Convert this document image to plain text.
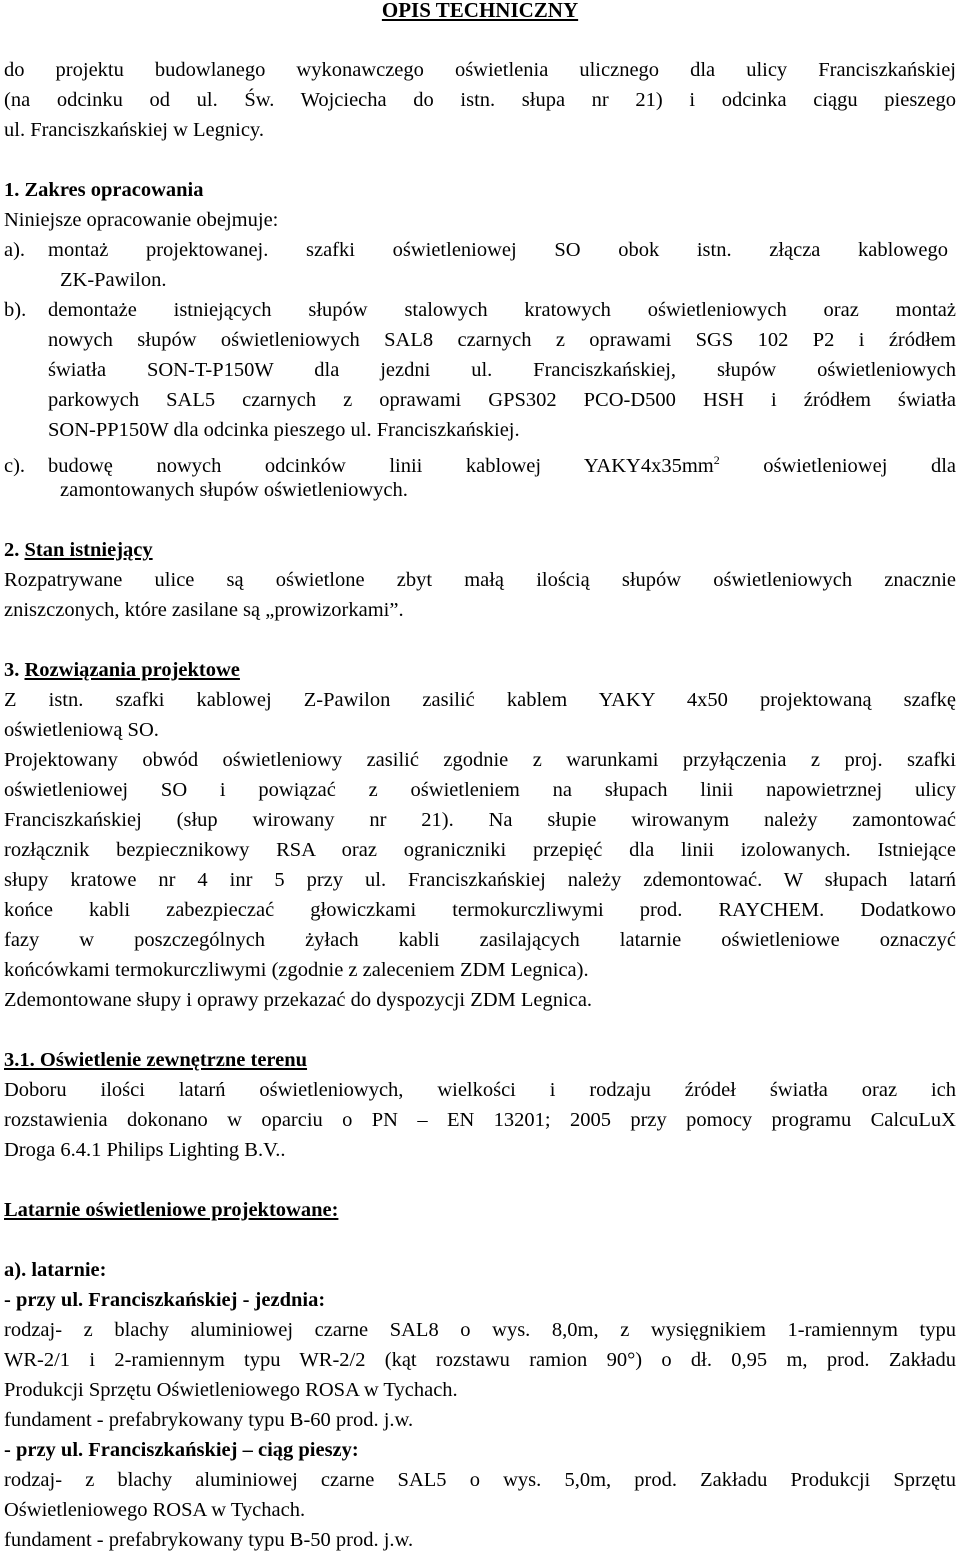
OPIS TECHNICZNY
do projektu budowlanego wykonawczego oświetlenia ulicznego dla ulicy Franciszkańskiej
(na odcinku od ul. Św. Wojciecha do istn. słupa nr 21) i odcinka ciągu pieszego
ul. Franciszkańskiej w Legnicy.
1. Zakres opracowania
Niniejsze opracowanie obejmuje:
a). montaż projektowanej. szafki oświetleniowej SO obok istn. złącza kablowego
ZK-Pawilon.
b). demontaże istniejących słupów stalowych kratowych oświetleniowych oraz montaż
nowych słupów oświetleniowych SAL8 czarnych z oprawami SGS 102 P2 i źródłem
światła SON-T-P150W dla jezdni ul. Franciszkańskiej, słupów oświetleniowych
parkowych SAL5 czarnych z oprawami GPS302 PCO-D500 HSH i źródłem światła
SON-PP150W dla odcinka pieszego ul. Franciszkańskiej.
c). budowę nowych odcinków linii kablowej $YAKY4x35mm^2$ oświetleniowej dla
zamontowanych słupów oświetleniowych.
2. Stan istniejący
Rozpatrywane ulice są oświetlone zbyt małą ilością słupów oświetleniowych znacznie
zniszczonych, które zasilane są „prowizorkami”.
3. Rozwiązania projektowe
Z istn. szafki kablowej Z-Pawilon zasilić kablem YAKY 4x50 projektowaną szafkę
oświetleniową SO.
Projektowany obwód oświetleniowy zasilić zgodnie z warunkami przyłączenia z proj. szafki
oświetleniowej SO i powiązać z oświetleniem na słupach linii napowietrznej ulicy
Franciszkańskiej (słup wirowany nr 21). Na słupie wirowanym należy zamontować
rozłącznik bezpiecznikowy RSA oraz ograniczniki przepięć dla linii izolowanych. Istniejące
słupy kratowe nr 4 inr 5 przy ul. Franciszkańskiej należy zdemontować. W słupach latarń
końce kabli zabezpieczać głowiczkami termokurczliwymi prod. RAYCHEM. Dodatkowo
fazy w poszczególnych żyłach kabli zasilających latarnie oświetleniowe oznaczyć
końcówkami termokurczliwymi (zgodnie z zaleceniem ZDM Legnica).
Zdemontowane słupy i oprawy przekazać do dyspozycji ZDM Legnica.
3.1. Oświetlenie zewnętrzne terenu
Doboru ilości latarń oświetleniowych, wielkości i rodzaju źródeł światła oraz ich
rozstawienia dokonano w oparciu o PN – EN 13201; 2005 przy pomocy programu CalcuLuX
Droga 6.4.1 Philips Lighting B.V..
Latarnie oświetleniowe projektowane:
a). latarnie:
- przy ul. Franciszkańskiej - jezdnia:
rodzaj- z blachy aluminiowej czarne SAL8 o wys. 8,0m, z wysięgnikiem 1-ramiennym typu
WR-2/1 i 2-ramiennym typu WR-2/2 (kąt rozstawu ramion 90°) o dł. 0,95 m, prod. Zakładu
Produkcji Sprzętu Oświetleniowego ROSA w Tychach.
fundament - prefabrykowany typu B-60 prod. j.w.
- przy ul. Franciszkańskiej – ciąg pieszy:
rodzaj- z blachy aluminiowej czarne SAL5 o wys. 5,0m, prod. Zakładu Produkcji Sprzętu
Oświetleniowego ROSA w Tychach.
fundament - prefabrykowany typu B-50 prod. j.w.
